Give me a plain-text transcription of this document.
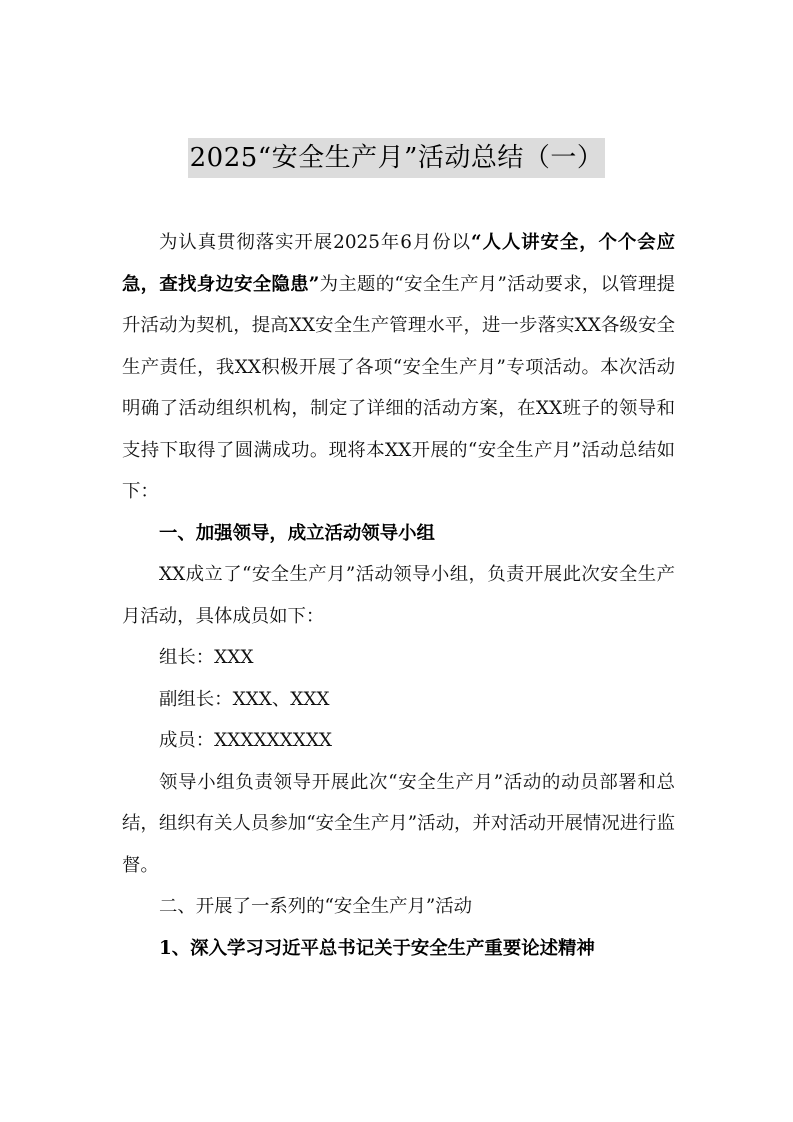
2025“安全生产月”活动总结（一）

为认真贯彻落实开展2025年6月份以“人人讲安全，个个会应急，查找身边安全隐患”为主题的“安全生产月”活动要求，以管理提升活动为契机，提高XX安全生产管理水平，进一步落实XX各级安全生产责任，我XX积极开展了各项“安全生产月”专项活动。本次活动明确了活动组织机构，制定了详细的活动方案，在XX班子的领导和支持下取得了圆满成功。现将本XX开展的“安全生产月”活动总结如下：

一、加强领导，成立活动领导小组

XX成立了“安全生产月”活动领导小组，负责开展此次安全生产月活动，具体成员如下：

组长：XXX

副组长：XXX、XXX

成员：XXXXXXXXX

领导小组负责领导开展此次“安全生产月”活动的动员部署和总结，组织有关人员参加“安全生产月”活动，并对活动开展情况进行监督。

二、开展了一系列的“安全生产月”活动

1、深入学习习近平总书记关于安全生产重要论述精神
